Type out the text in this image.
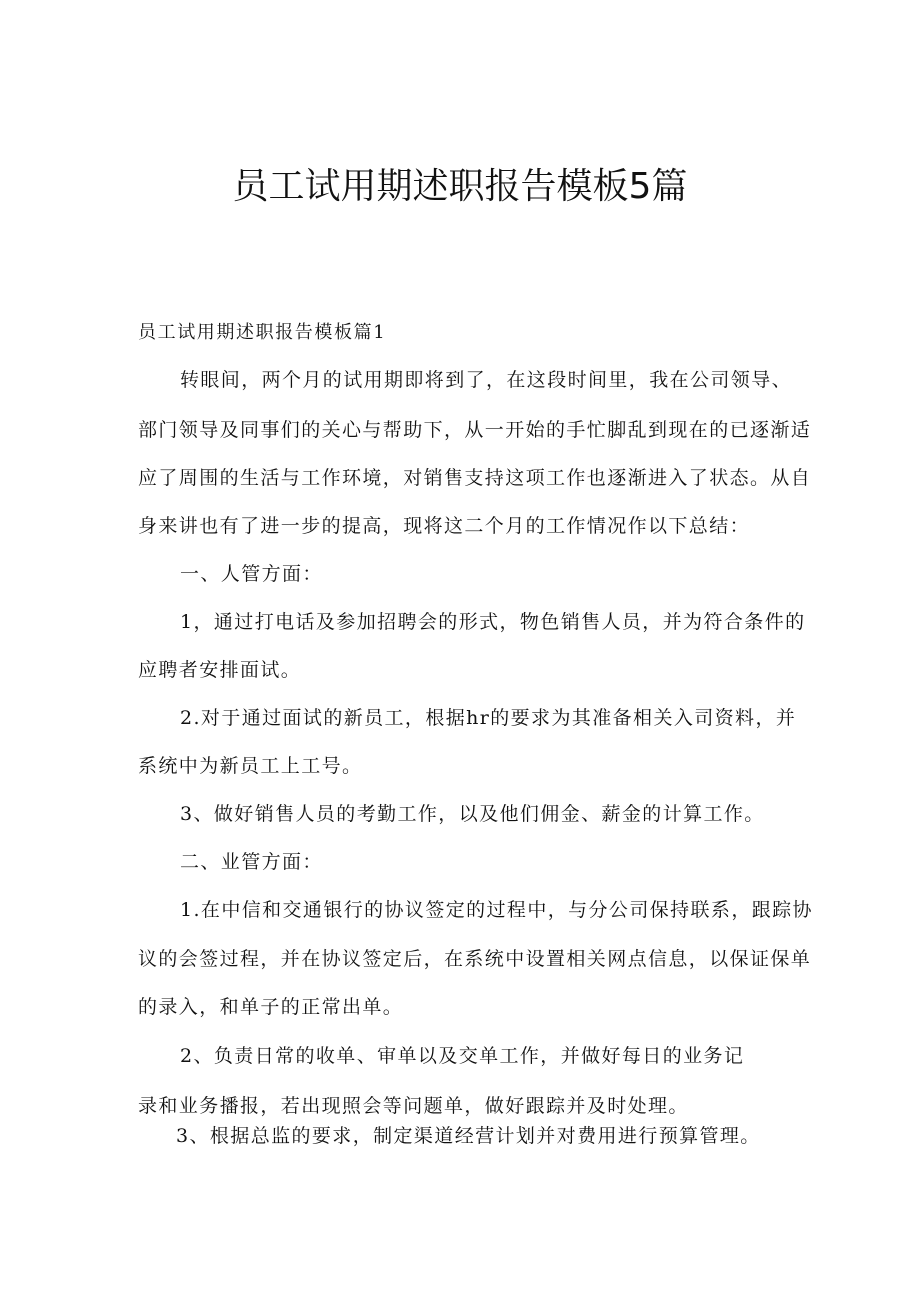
员工试用期述职报告模板5篇
员工试用期述职报告模板篇1
转眼间，两个月的试用期即将到了，在这段时间里，我在公司领导、
部门领导及同事们的关心与帮助下，从一开始的手忙脚乱到现在的已逐渐适
应了周围的生活与工作环境，对销售支持这项工作也逐渐进入了状态。从自
身来讲也有了进一步的提高，现将这二个月的工作情况作以下总结：
一、人管方面：
1，通过打电话及参加招聘会的形式，物色销售人员，并为符合条件的
应聘者安排面试。
2.对于通过面试的新员工，根据hr的要求为其准备相关入司资料，并
系统中为新员工上工号。
3、做好销售人员的考勤工作，以及他们佣金、薪金的计算工作。
二、业管方面：
1.在中信和交通银行的协议签定的过程中，与分公司保持联系，跟踪协
议的会签过程，并在协议签定后，在系统中设置相关网点信息，以保证保单
的录入，和单子的正常出单。
2、负责日常的收单、审单以及交单工作，并做好每日的业务记
录和业务播报，若出现照会等问题单，做好跟踪并及时处理。
3、根据总监的要求，制定渠道经营计划并对费用进行预算管理。
